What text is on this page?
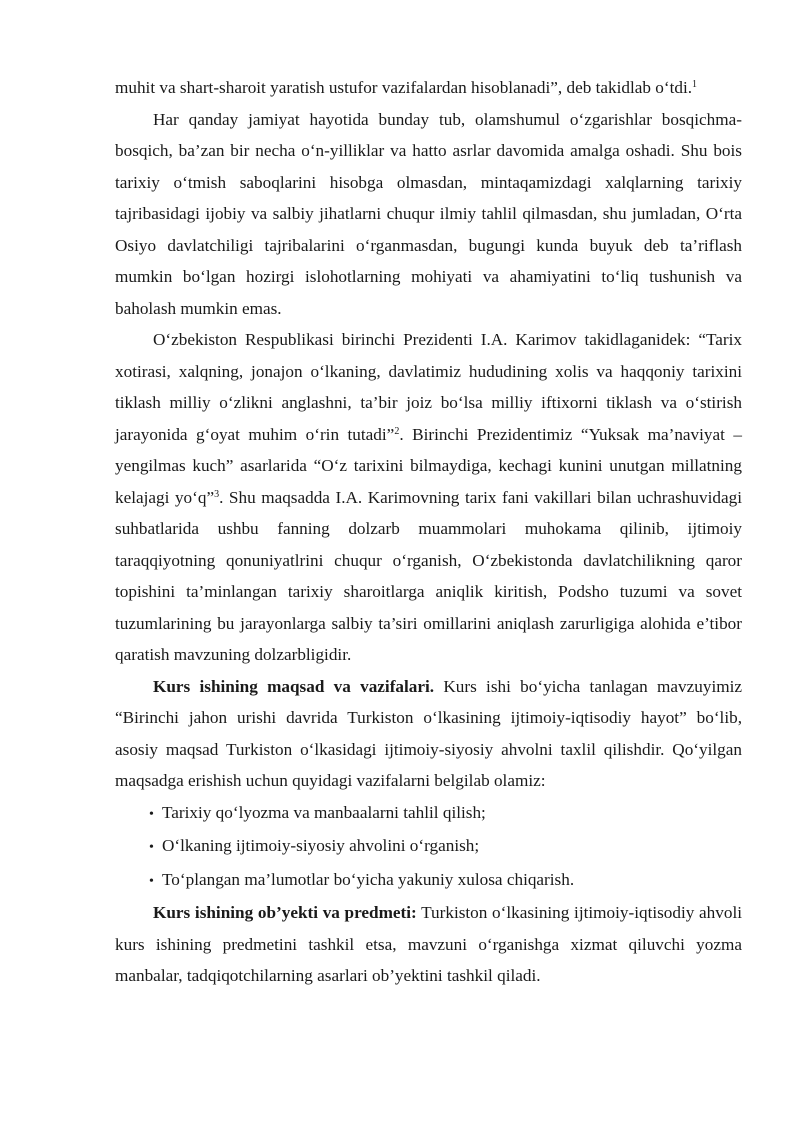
muhit va shart-sharoit yaratish ustufor vazifalardan hisoblanadi”, deb takidlab o‘tdi.$^1$

Har qanday jamiyat hayotida bunday tub, olamshumul o‘zgarishlar bosqichma-bosqich, ba’zan bir necha o‘n-yilliklar va hatto asrlar davomida amalga oshadi. Shu bois tarixiy o‘tmish saboqlarini hisobga olmasdan, mintaqamizdagi xalqlarning tarixiy tajribasidagi ijobiy va salbiy jihatlarni chuqur ilmiy tahlil qilmasdan, shu jumladan, O‘rta Osiyo davlatchiligi tajribalarini o‘rganmasdan, bugungi kunda buyuk deb ta’riflash mumkin bo‘lgan hozirgi islohotlarning mohiyati va ahamiyatini to‘liq tushunish va baholash mumkin emas.

O‘zbekiston Respublikasi birinchi Prezidenti I.A. Karimov takidlaganidek: “Tarix xotirasi, xalqning, jonajon o‘lkaning, davlatimiz hududining xolis va haqqoniy tarixini tiklash milliy o‘zlikni anglashni, ta’bir joiz bo‘lsa milliy iftixorni tiklash va o‘stirish jarayonida g‘oyat muhim o‘rin tutadi”$^2$. Birinchi Prezidentimiz “Yuksak ma’naviyat – yengilmas kuch” asarlarida “O‘z tarixini bilmaydiga, kechagi kunini unutgan millatning kelajagi yo‘q”$^3$. Shu maqsadda I.A. Karimovning tarix fani vakillari bilan uchrashuvidagi suhbatlarida ushbu fanning dolzarb muammolari muhokama qilinib, ijtimoiy taraqqiyotning qonuniyatlrini chuqur o‘rganish, O‘zbekistonda davlatchilikning qaror topishini ta’minlangan tarixiy sharoitlarga aniqlik kiritish, Podsho tuzumi va sovet tuzumlarining bu jarayonlarga salbiy ta’siri omillarini aniqlash zarurligiga alohida e’tibor qaratish mavzuning dolzarbligidir.

Kurs ishining maqsad va vazifalari. Kurs ishi bo‘yicha tanlagan mavzuyimiz “Birinchi jahon urishi davrida Turkiston o‘lkasining ijtimoiy-iqtisodiy hayot” bo‘lib, asosiy maqsad Turkiston o‘lkasidagi ijtimoiy-siyosiy ahvolni taxlil qilishdir. Qo‘yilgan maqsadga erishish uchun quyidagi vazifalarni belgilab olamiz:

• Tarixiy qo‘lyozma va manbaalarni tahlil qilish;
• O‘lkaning ijtimoiy-siyosiy ahvolini o‘rganish;
• To‘plangan ma’lumotlar bo‘yicha yakuniy xulosa chiqarish.

Kurs ishining ob’yekti va predmeti: Turkiston o‘lkasining ijtimoiy-iqtisodiy ahvoli kurs ishining predmetini tashkil etsa, mavzuni o‘rganishga xizmat qiluvchi yozma manbalar, tadqiqotchilarning asarlari ob’yektini tashkil qiladi.
